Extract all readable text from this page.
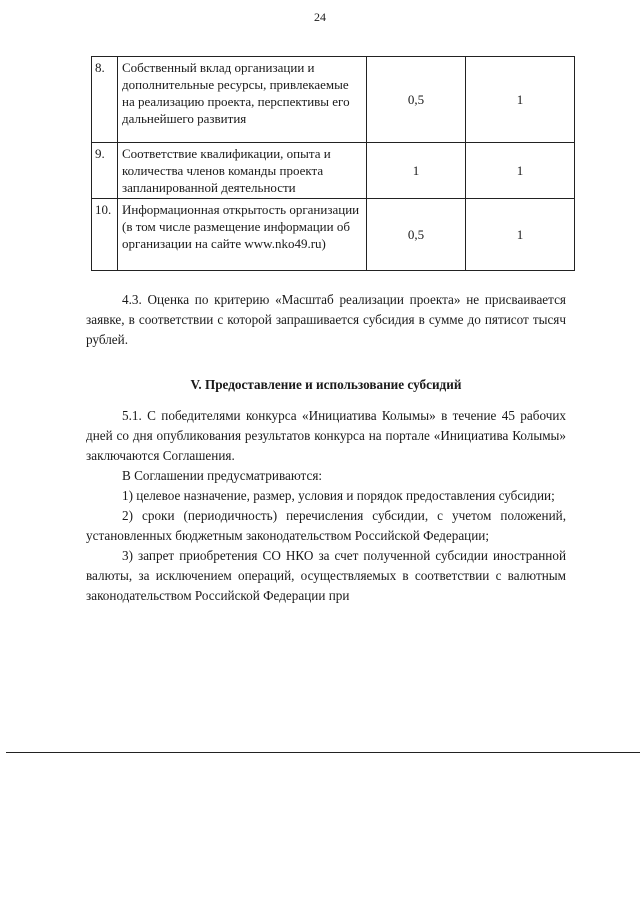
24
8.	Собственный вклад организации и дополнительные ресурсы, привлекаемые на реализацию проекта, перспективы его дальнейшего развития	0,5	1
9.	Соответствие квалификации, опыта и количества членов команды проекта запланированной деятельности	1	1
10.	Информационная открытость организации (в том числе размещение информации об организации на сайте www.nko49.ru)	0,5	1

4.3. Оценка по критерию «Масштаб реализации проекта» не присваивается заявке, в соответствии с которой запрашивается субсидия в сумме до пятисот тысяч рублей.

V. Предоставление и использование субсидий

5.1. С победителями конкурса «Инициатива Колымы» в течение 45 рабочих дней со дня опубликования результатов конкурса на портале «Инициатива Колымы» заключаются Соглашения.

В Соглашении предусматриваются:

1) целевое назначение, размер, условия и порядок предоставления субсидии;

2) сроки (периодичность) перечисления субсидии, с учетом положений, установленных бюджетным законодательством Российской Федерации;

3) запрет приобретения СО НКО за счет полученной субсидии иностранной валюты, за исключением операций, осуществляемых в соответствии с валютным законодательством Российской Федерации при
